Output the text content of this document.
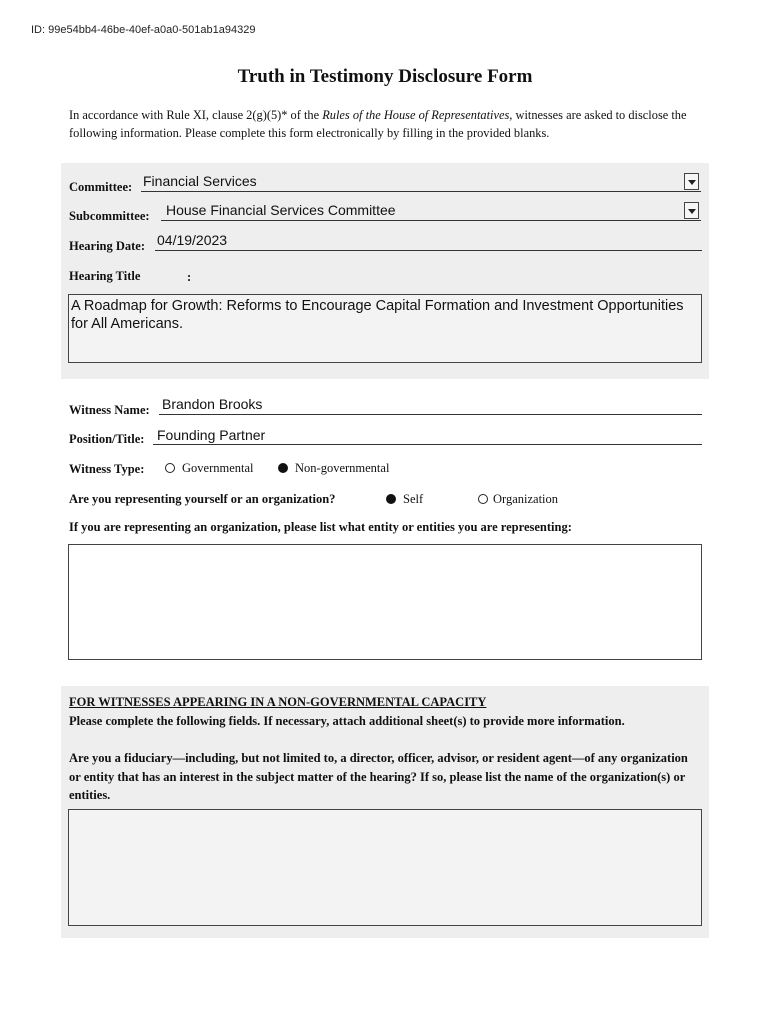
ID: 99e54bb4-46be-40ef-a0a0-501ab1a94329
Truth in Testimony Disclosure Form
In accordance with Rule XI, clause 2(g)(5)* of the Rules of the House of Representatives, witnesses are asked to disclose the following information. Please complete this form electronically by filling in the provided blanks.
Committee: Financial Services
Subcommittee: House Financial Services Committee
Hearing Date: 04/19/2023
Hearing Title	:
A Roadmap for Growth: Reforms to Encourage Capital Formation and Investment Opportunities for All Americans.
Witness Name: Brandon Brooks
Position/Title: Founding Partner
Witness Type:	Governmental	Non-governmental
Are you representing yourself or an organization?	Self	Organization
If you are representing an organization, please list what entity or entities you are representing:
FOR WITNESSES APPEARING IN A NON-GOVERNMENTAL CAPACITY
Please complete the following fields. If necessary, attach additional sheet(s) to provide more information.
Are you a fiduciary—including, but not limited to, a director, officer, advisor, or resident agent—of any organization or entity that has an interest in the subject matter of the hearing? If so, please list the name of the organization(s) or entities.
